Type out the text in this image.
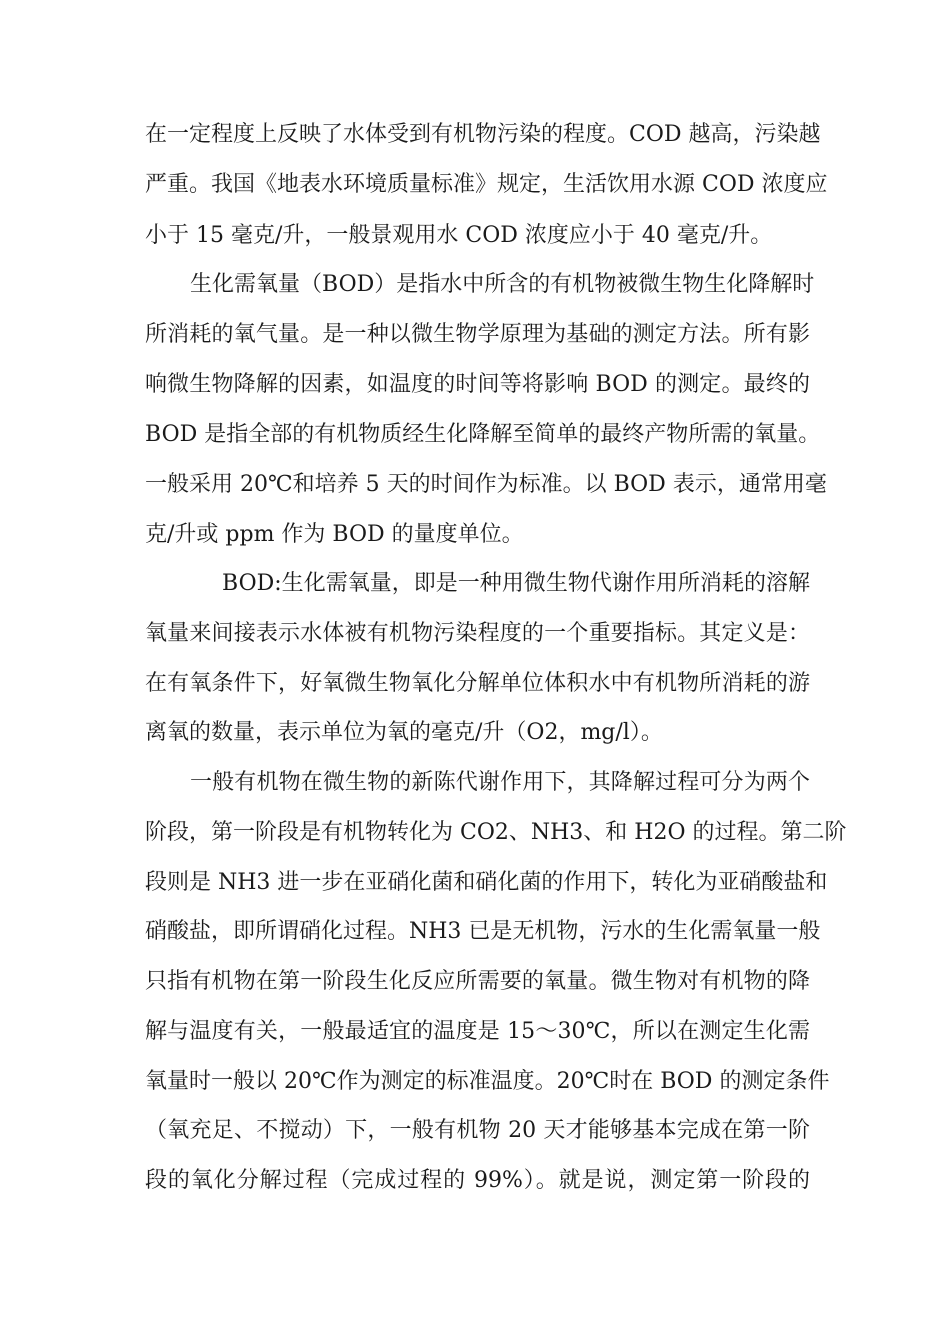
在一定程度上反映了水体受到有机物污染的程度。COD 越高，污染越

严重。我国《地表水环境质量标准》规定，生活饮用水源 COD 浓度应

小于 15 毫克/升，一般景观用水 COD 浓度应小于 40 毫克/升。

生化需氧量（BOD）是指水中所含的有机物被微生物生化降解时

所消耗的氧气量。是一种以微生物学原理为基础的测定方法。所有影

响微生物降解的因素，如温度的时间等将影响 BOD 的测定。最终的

BOD 是指全部的有机物质经生化降解至简单的最终产物所需的氧量。

一般采用 20℃和培养 5 天的时间作为标准。以 BOD 表示，通常用毫

克/升或 ppm 作为 BOD 的量度单位。

BOD:生化需氧量，即是一种用微生物代谢作用所消耗的溶解

氧量来间接表示水体被有机物污染程度的一个重要指标。其定义是：

在有氧条件下，好氧微生物氧化分解单位体积水中有机物所消耗的游

离氧的数量，表示单位为氧的毫克/升（O2，mg/l）。

一般有机物在微生物的新陈代谢作用下，其降解过程可分为两个

阶段，第一阶段是有机物转化为 CO2、NH3、和 H2O 的过程。第二阶

段则是 NH3 进一步在亚硝化菌和硝化菌的作用下，转化为亚硝酸盐和

硝酸盐，即所谓硝化过程。NH3 已是无机物，污水的生化需氧量一般

只指有机物在第一阶段生化反应所需要的氧量。微生物对有机物的降

解与温度有关，一般最适宜的温度是 15～30℃，所以在测定生化需

氧量时一般以 20℃作为测定的标准温度。20℃时在 BOD 的测定条件

（氧充足、不搅动）下，一般有机物 20 天才能够基本完成在第一阶

段的氧化分解过程（完成过程的 99%）。就是说，测定第一阶段的
